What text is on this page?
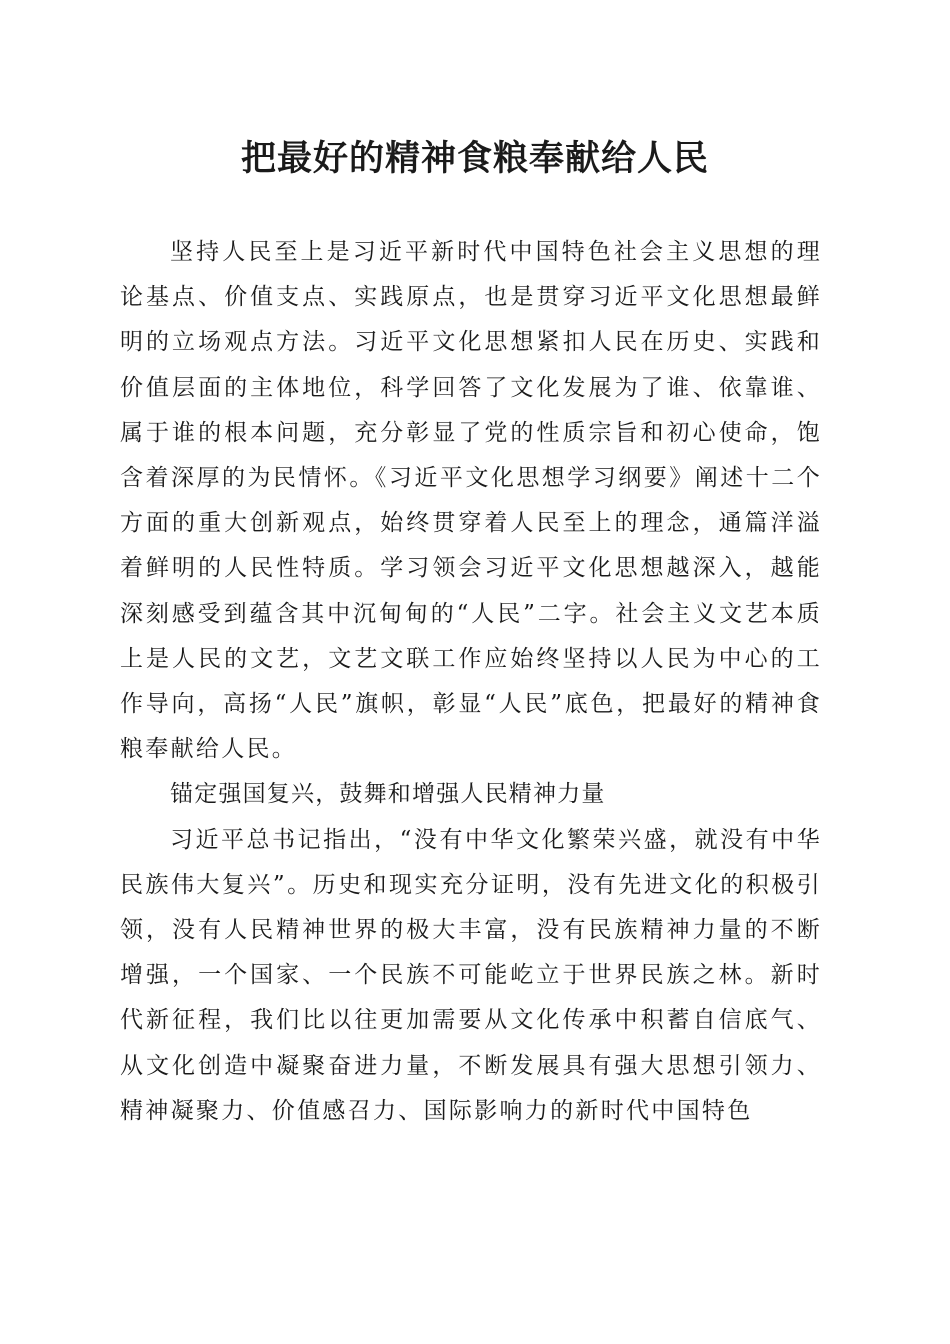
把最好的精神食粮奉献给人民

坚持人民至上是习近平新时代中国特色社会主义思想的理论基点、价值支点、实践原点，也是贯穿习近平文化思想最鲜明的立场观点方法。习近平文化思想紧扣人民在历史、实践和价值层面的主体地位，科学回答了文化发展为了谁、依靠谁、属于谁的根本问题，充分彰显了党的性质宗旨和初心使命，饱含着深厚的为民情怀。《习近平文化思想学习纲要》阐述十二个方面的重大创新观点，始终贯穿着人民至上的理念，通篇洋溢着鲜明的人民性特质。学习领会习近平文化思想越深入，越能深刻感受到蕴含其中沉甸甸的“人民”二字。社会主义文艺本质上是人民的文艺，文艺文联工作应始终坚持以人民为中心的工作导向，高扬“人民”旗帜，彰显“人民”底色，把最好的精神食粮奉献给人民。

锚定强国复兴，鼓舞和增强人民精神力量

习近平总书记指出，“没有中华文化繁荣兴盛，就没有中华民族伟大复兴”。历史和现实充分证明，没有先进文化的积极引领，没有人民精神世界的极大丰富，没有民族精神力量的不断增强，一个国家、一个民族不可能屹立于世界民族之林。新时代新征程，我们比以往更加需要从文化传承中积蓄自信底气、从文化创造中凝聚奋进力量，不断发展具有强大思想引领力、精神凝聚力、价值感召力、国际影响力的新时代中国特色
